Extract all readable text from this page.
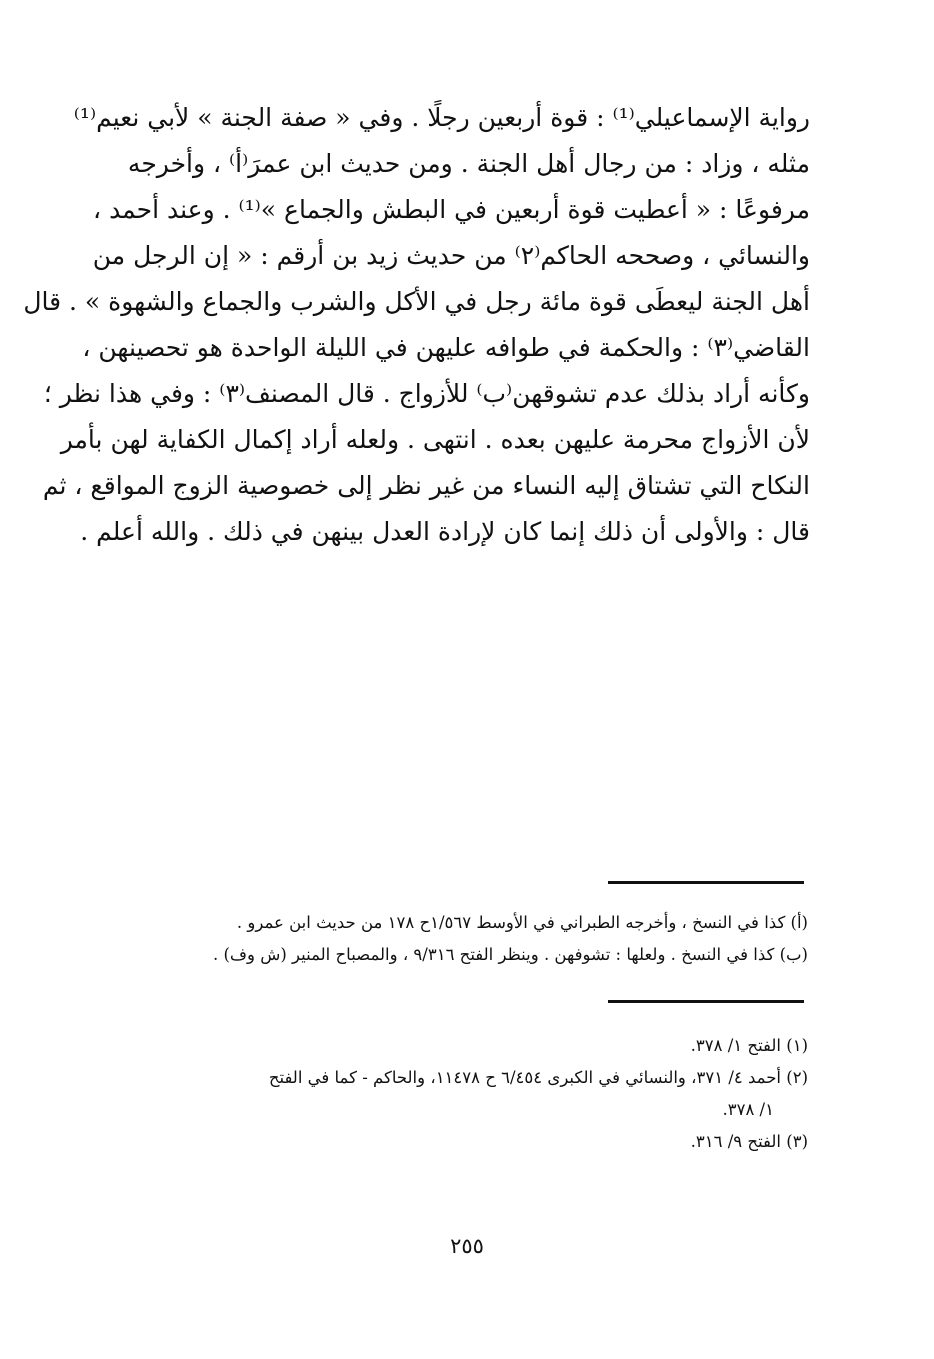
رواية الإسماعيلي⁽¹⁾ : قوة أربعين رجلًا . وفي « صفة الجنة » لأبي نعيم⁽¹⁾
مثله ، وزاد : من رجال أهل الجنة . ومن حديث ابن عمرَ⁽أ⁾ ، وأخرجه
مرفوعًا : « أعطيت قوة أربعين في البطش والجماع »⁽¹⁾ . وعند أحمد ،
والنسائي ، وصححه الحاكم⁽٢⁾ من حديث زيد بن أرقم : « إن الرجل من
أهل الجنة ليعطَى قوة مائة رجل في الأكل والشرب والجماع والشهوة » . قال
القاضي⁽٣⁾ : والحكمة في طوافه عليهن في الليلة الواحدة هو تحصينهن ،
وكأنه أراد بذلك عدم تشوقهن⁽ب⁾ للأزواج . قال المصنف⁽٣⁾ : وفي هذا نظر ؛
لأن الأزواج محرمة عليهن بعده . انتهى . ولعله أراد إكمال الكفاية لهن بأمر
النكاح التي تشتاق إليه النساء من غير نظر إلى خصوصية الزوج المواقع ، ثم
قال : والأولى أن ذلك إنما كان لإرادة العدل بينهن في ذلك . والله أعلم .
(أ) كذا في النسخ ، وأخرجه الطبراني في الأوسط ١/٥٦٧ح ١٧٨ من حديث ابن عمرو .
(ب) كذا في النسخ . ولعلها : تشوفهن . وينظر الفتح ٩/٣١٦ ، والمصباح المنير (ش وف) .
(١) الفتح ١/ ٣٧٨.
(٢) أحمد ٤/ ٣٧١، والنسائي في الكبرى ٦/٤٥٤ ح ١١٤٧٨، والحاكم - كما في الفتح
١/ ٣٧٨.
(٣) الفتح ٩/ ٣١٦.
٢٥٥
